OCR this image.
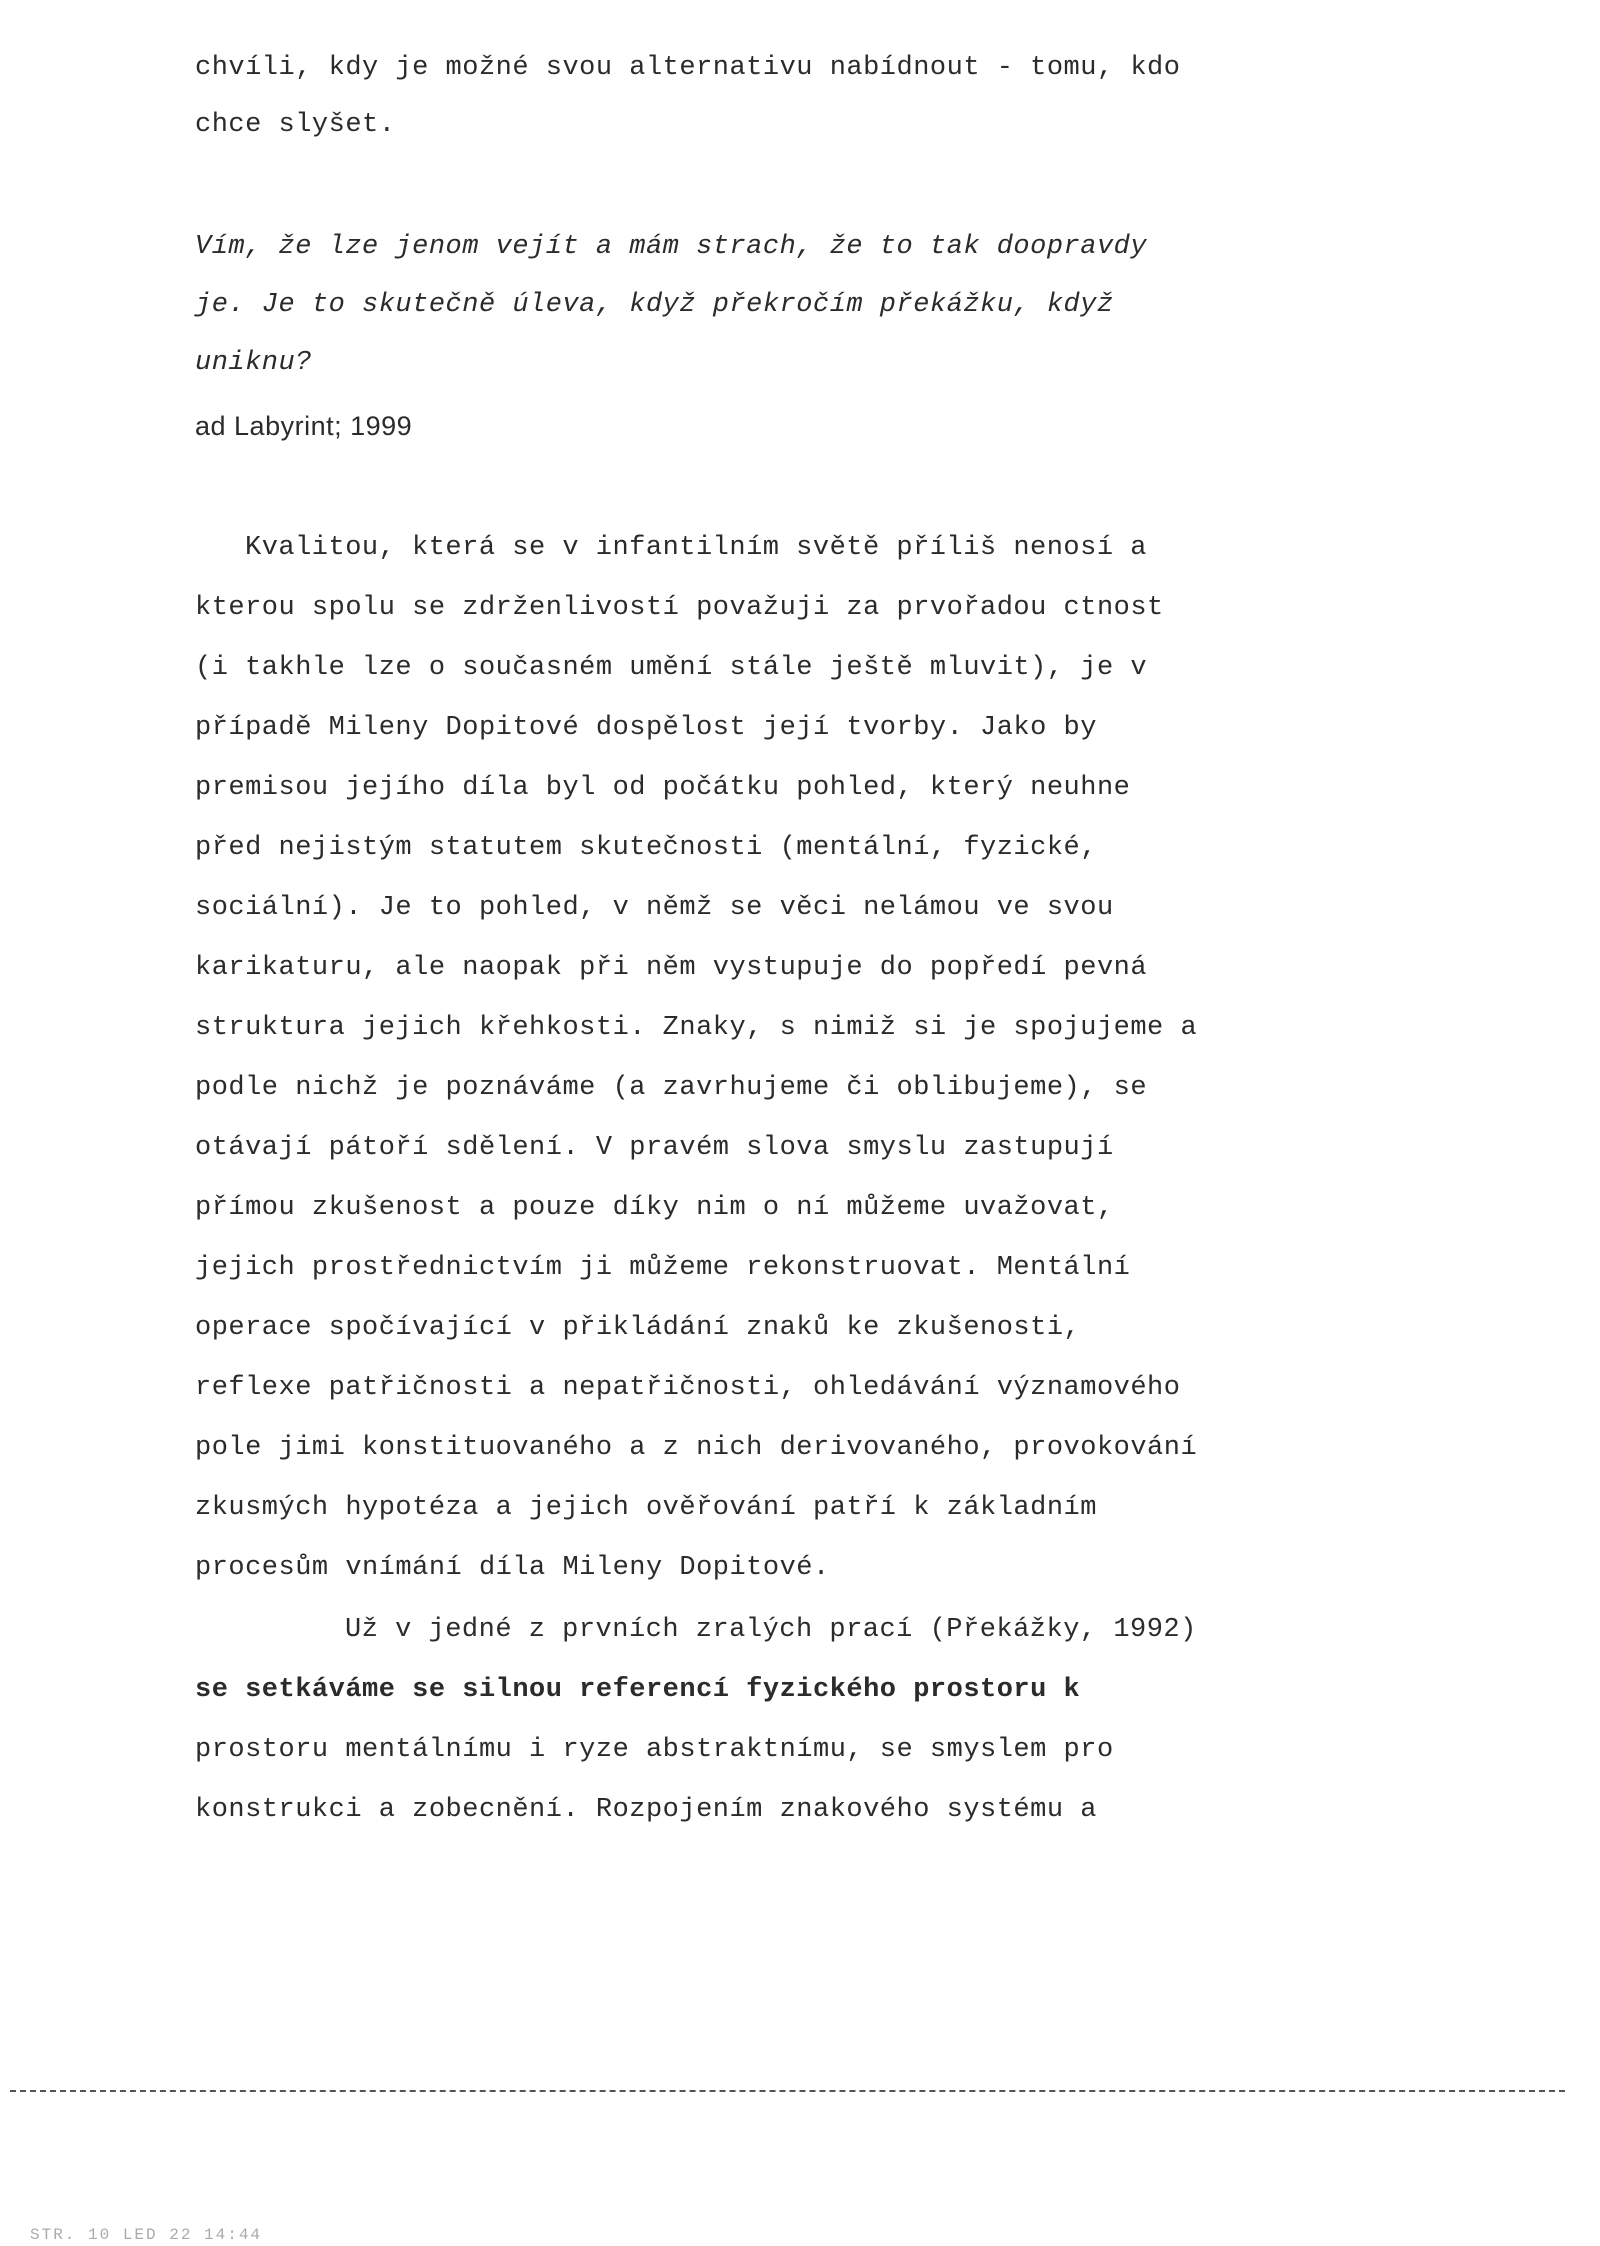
chvíli, kdy je možné svou alternativu nabídnout - tomu, kdo
chce slyšet.
Vím, že lze jenom vejít a mám strach, že to tak doopravdy
je. Je to skutečně úleva, když překročím překážku, když
uniknu?
ad Labyrint; 1999
Kvalitou, která se v infantilním světě příliš nenosí a
kterou spolu se zdrženlivostí považuji za prvořadou ctnost
(i takhle lze o současném umění stále ještě mluvit), je v
případě Mileny Dopitové dospělost její tvorby. Jako by
premisou jejího díla byl od počátku pohled, který neuhne
před nejistým statutem skutečnosti (mentální, fyzické,
sociální). Je to pohled, v němž se věci nelámou ve svou
karikaturu, ale naopak při něm vystupuje do popředí pevná
struktura jejich křehkosti. Znaky, s nimiž si je spojujeme a
podle nichž je poznáváme (a zavrhujeme či oblibujeme), se
otávají pátoří sdělení. V pravém slova smyslu zastupují
přímou zkušenost a pouze díky nim o ní můžeme uvažovat,
jejich prostřednictvím ji můžeme rekonstruovat. Mentální
operace spočívající v přikládání znaků ke zkušenosti,
reflexe patřičnosti a nepatřičnosti, ohledávání významového
pole jimi konstituovaného a z nich derivovaného, provokování
zkusmých hypotéza a jejich ověřování patří k základním
procesům vnímání díla Mileny Dopitové.
Už v jedné z prvních zralých prací (Překážky, 1992)
se setkáváme se silnou referencí fyzického prostoru k
prostoru mentálnímu i ryze abstraktnímu, se smyslem pro
konstrukci a zobecnění. Rozpojením znakového systému a
STR. 10 LED 22 14:44
